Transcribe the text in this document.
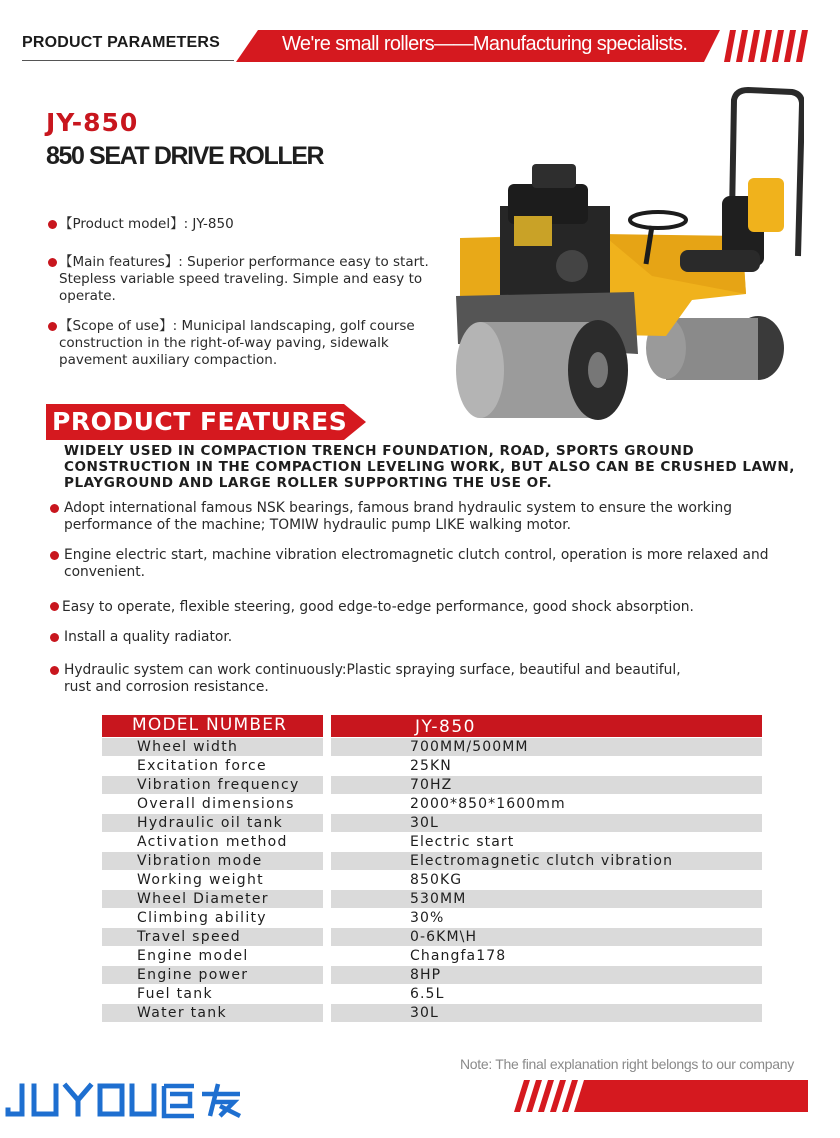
PRODUCT PARAMETERS	We're small rollers——Manufacturing specialists.
JY-850
850 SEAT DRIVE ROLLER
【Product model】: JY-850
【Main features】: Superior performance easy to start. Stepless variable speed traveling. Simple and easy to operate.
【Scope of use】: Municipal landscaping, golf course construction in the right-of-way paving, sidewalk pavement auxiliary compaction.
PRODUCT FEATURES
WIDELY USED IN COMPACTION TRENCH FOUNDATION, ROAD, SPORTS GROUND CONSTRUCTION IN THE COMPACTION LEVELING WORK, BUT ALSO CAN BE CRUSHED LAWN, PLAYGROUND AND LARGE ROLLER SUPPORTING THE USE OF.
Adopt international famous NSK bearings, famous brand hydraulic system to ensure the working performance of the machine; TOMIW hydraulic pump LIKE walking motor.
Engine electric start, machine vibration electromagnetic clutch control, operation is more relaxed and convenient.
Easy to operate, flexible steering, good edge-to-edge performance, good shock absorption.
Install a quality radiator.
Hydraulic system can work continuously:Plastic spraying surface, beautiful and beautiful, rust and corrosion resistance.
MODEL NUMBER	JY-850
Wheel width	700MM/500MM
Excitation force	25KN
Vibration frequency	70HZ
Overall dimensions	2000*850*1600mm
Hydraulic oil tank	30L
Activation method	Electric start
Vibration mode	Electromagnetic clutch vibration
Working weight	850KG
Wheel Diameter	530MM
Climbing ability	30%
Travel speed	0-6KM\H
Engine model	Changfa178
Engine power	8HP
Fuel tank	6.5L
Water tank	30L
Note: The final explanation right belongs to our company
